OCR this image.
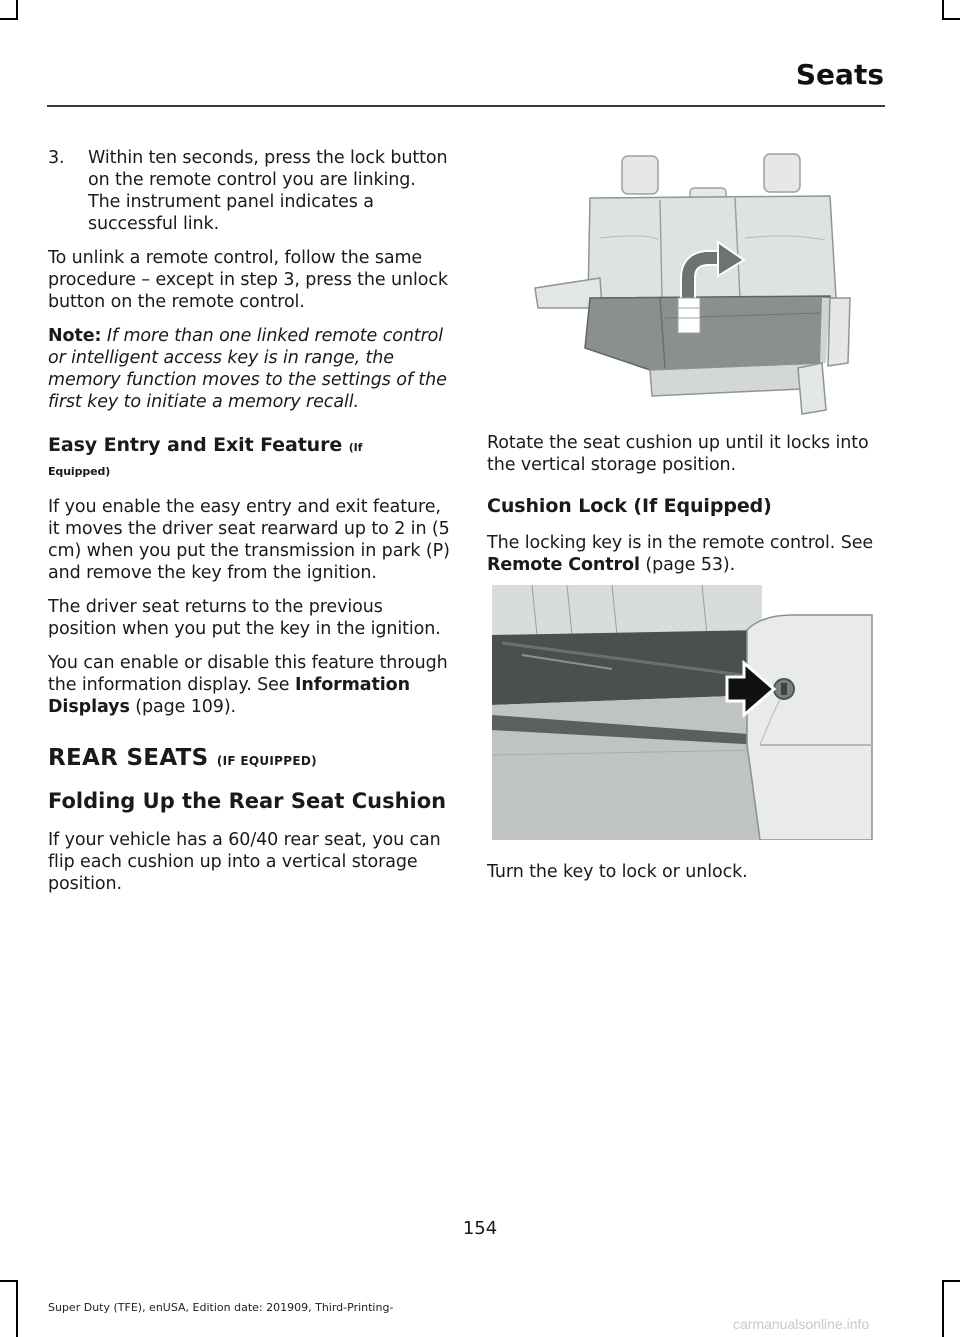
Seats
3.	Within ten seconds, press the lock button on the remote control you are linking. The instrument panel indicates a successful link.

To unlink a remote control, follow the same procedure – except in step 3, press the unlock button on the remote control.

Note: If more than one linked remote control or intelligent access key is in range, the memory function moves to the settings of the first key to initiate a memory recall.

Easy Entry and Exit Feature (If
Equipped)

If you enable the easy entry and exit feature, it moves the driver seat rearward up to 2 in (5 cm) when you put the transmission in park (P) and remove the key from the ignition.

The driver seat returns to the previous position when you put the key in the ignition.

You can enable or disable this feature through the information display. See Information Displays (page 109).

REAR SEATS (IF EQUIPPED)
Folding Up the Rear Seat Cushion

If your vehicle has a 60/40 rear seat, you can flip each cushion up into a vertical storage position.

Rotate the seat cushion up until it locks into the vertical storage position.

Cushion Lock (If Equipped)

The locking key is in the remote control. See Remote Control (page 53).

Turn the key to lock or unlock.

154
Super Duty (TFE), enUSA, Edition date: 201909, Third-Printing-
carmanualsonline.info
